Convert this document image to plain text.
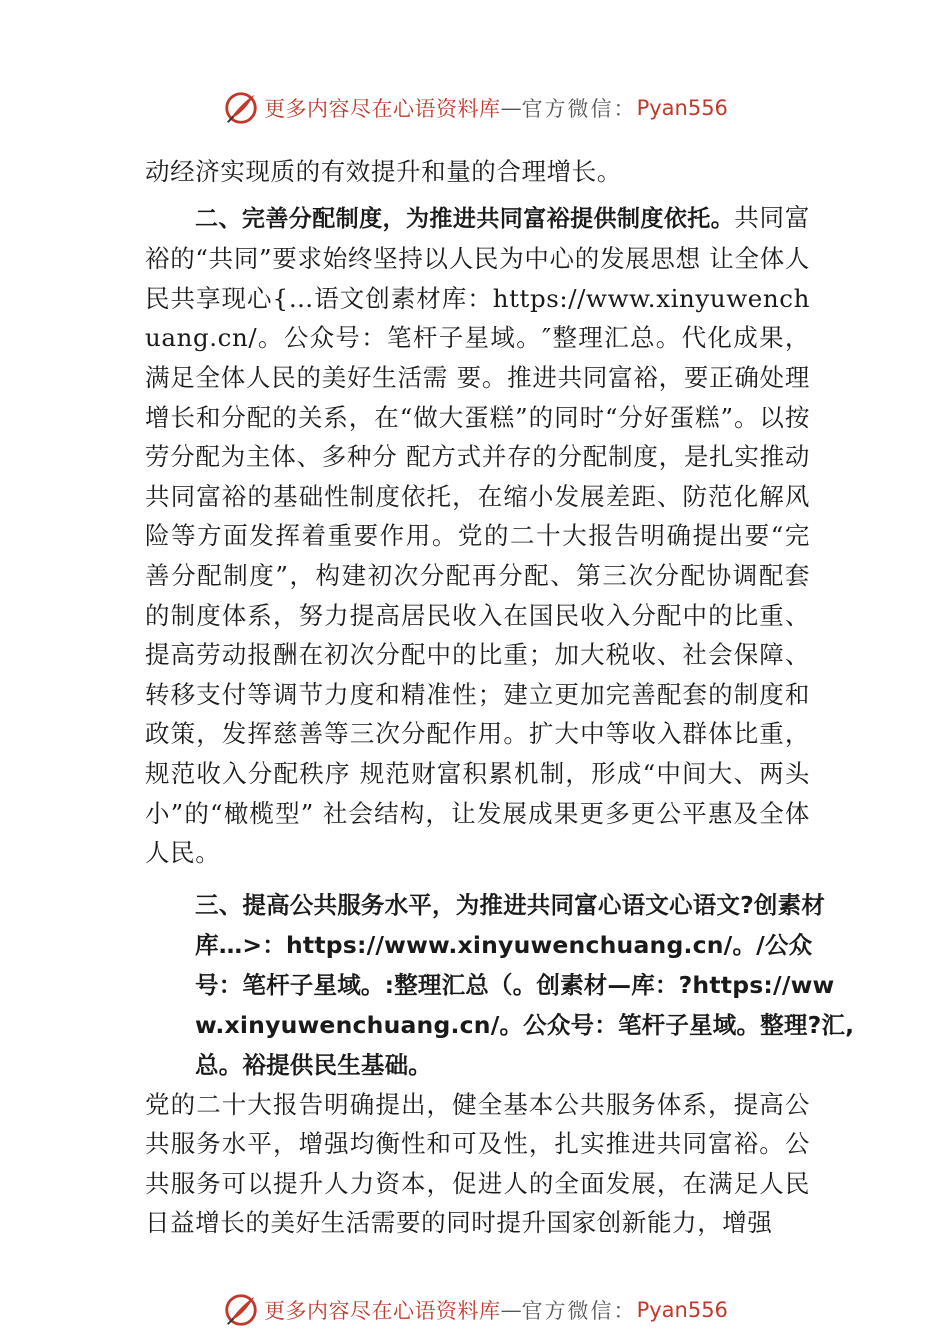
更多内容尽在心语资料库 — 官方微信： Pyan556

动经济实现质的有效提升和量的合理增长。

二、完善分配制度，为推进共同富裕提供制度依托。共同富裕的“共同”要求始终坚持以人民为中心的发展思想 让全体人民共享现心{…语文创素材库：https://www.xinyuwenchuang.cn/。公众号：笔杆子星域。″整理汇总。代化成果，满足全体人民的美好生活需 要。推进共同富裕，要正确处理增长和分配的关系，在“做大蛋糕”的同时“分好蛋糕”。以按劳分配为主体、多种分 配方式并存的分配制度，是扎实推动共同富裕的基础性制度依托，在缩小发展差距、防范化解风险等方面发挥着重要作用。党的二十大报告明确提出要“完善分配制度”，构建初次分配再分配、第三次分配协调配套的制度体系，努力提高居民收入在国民收入分配中的比重、提高劳动报酬在初次分配中的比重；加大税收、社会保障、转移支付等调节力度和精准性；建立更加完善配套的制度和政策，发挥慈善等三次分配作用。扩大中等收入群体比重，规范收入分配秩序 规范财富积累机制，形成“中间大、两头小”的“橄榄型” 社会结构，让发展成果更多更公平惠及全体人民。

三、提高公共服务水平，为推进共同富心语文心语文?创素材库…>：https://www.xinyuwenchuang.cn/。/公众号：笔杆子星域。:整理汇总（。创素材—库：?https://www.xinyuwenchuang.cn/。公众号：笔杆子星域。整理?汇,总。裕提供民生基础。

党的二十大报告明确提出，健全基本公共服务体系，提高公共服务水平，增强均衡性和可及性，扎实推进共同富裕。公共服务可以提升人力资本，促进人的全面发展，在满足人民日益增长的美好生活需要的同时提升国家创新能力，增强

更多内容尽在心语资料库 — 官方微信： Pyan556
